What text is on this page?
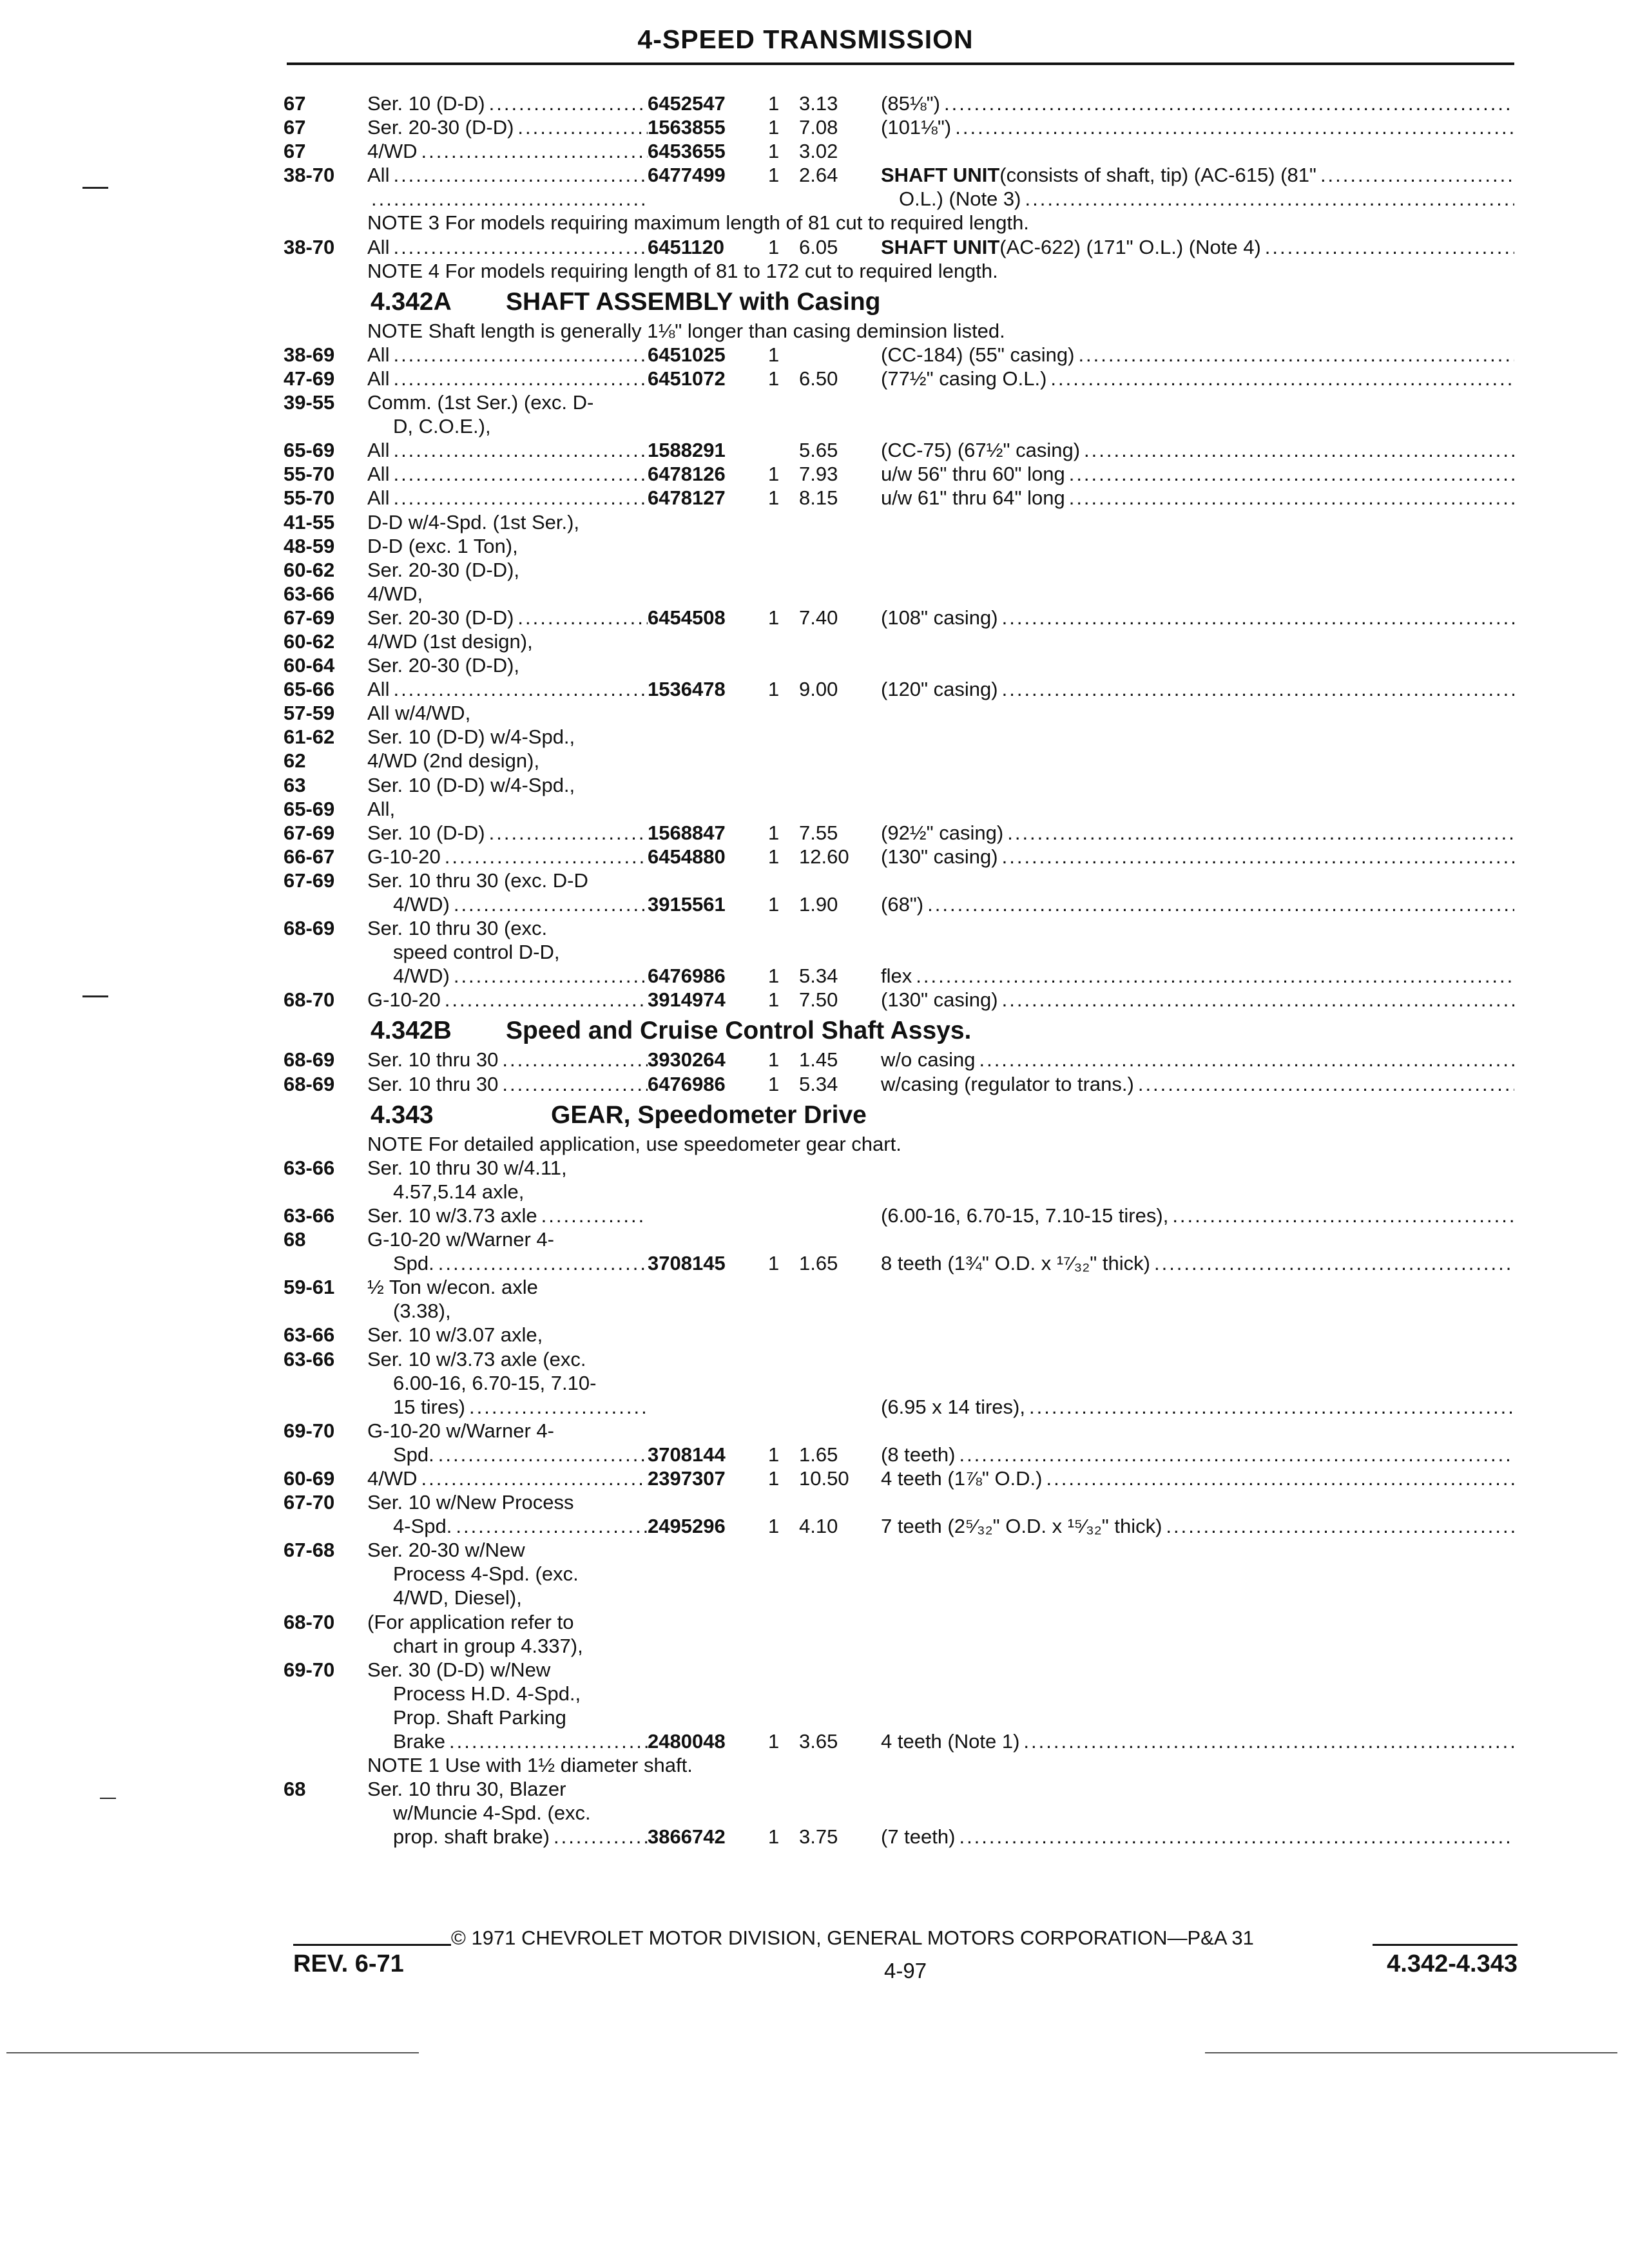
4-SPEED TRANSMISSION
67	Ser. 10 (D-D) .....	6452547	1 3.13	(85⅛")
.....
67	Ser. 20-30 (D-D) .....	1563855	1 7.08	(101⅛")
.....
67	4/WD .....	6453655	1 3.02
38-70	All .....	6477499	1 2.64	SHAFT UNIT (consists of shaft, tip) (AC-615) (81"
.....
.....
O.L.) (Note 3)
.....
NOTE 3 For models requiring maximum length of 81 cut to required length.
38-70	All .....	6451120	1 6.05	SHAFT UNIT (AC-622) (171" O.L.) (Note 4)
.....
NOTE 4 For models requiring length of 81 to 172 cut to required length.
4.342A SHAFT ASSEMBLY with Casing
NOTE Shaft length is generally 1⅛" longer than casing deminsion listed.
38-69	All .....	6451025	1	(CC-184) (55" casing)
.....
47-69	All .....	6451072	1 6.50	(77½" casing O.L.)
.....
39-55	Comm. (1st Ser.) (exc. D-
D, C.O.E.),
65-69	All .....	1588291	5.65	(CC-75) (67½" casing)
.....
55-70	All .....	6478126	1 7.93	u/w 56" thru 60" long
.....
55-70	All .....	6478127	1 8.15	u/w 61" thru 64" long
.....
41-55	D-D w/4-Spd. (1st Ser.),
48-59	D-D (exc. 1 Ton),
60-62	Ser. 20-30 (D-D),
63-66	4/WD,
67-69	Ser. 20-30 (D-D) .....	6454508	1 7.40	(108" casing)
.....
60-62	4/WD (1st design),
60-64	Ser. 20-30 (D-D),
65-66	All .....	1536478	1 9.00	(120" casing)
.....
57-59	All w/4/WD,
61-62	Ser. 10 (D-D) w/4-Spd.,
62	4/WD (2nd design),
63	Ser. 10 (D-D) w/4-Spd.,
65-69	All,
67-69	Ser. 10 (D-D) .....	1568847	1 7.55	(92½" casing)
.....
66-67	G-10-20 .....	6454880	1 12.60	(130" casing)
.....
67-69	Ser. 10 thru 30 (exc. D-D
4/WD) .....	3915561	1 1.90	(68")
.....
68-69	Ser. 10 thru 30 (exc.
speed control D-D,
4/WD) .....	6476986	1 5.34	flex
.....
68-70	G-10-20 .....	3914974	1 7.50	(130" casing)
.....
4.342B Speed and Cruise Control Shaft Assys.
68-69	Ser. 10 thru 30 .....	3930264	1 1.45	w/o casing
.....
68-69	Ser. 10 thru 30 .....	6476986	1 5.34	w/casing (regulator to trans.)
.....
4.343	GEAR, Speedometer Drive
NOTE For detailed application, use speedometer gear chart.
63-66	Ser. 10 thru 30 w/4.11,
4.57,5.14 axle,
63-66	Ser. 10 w/3.73 axle .....	(6.00-16, 6.70-15, 7.10-15 tires),
.....
68	G-10-20 w/Warner 4-
Spd. .....	3708145	1 1.65	8 teeth (1¾" O.D. x ¹⁷⁄₃₂" thick)
.....
59-61	½ Ton w/econ. axle
(3.38),
63-66	Ser. 10 w/3.07 axle,
63-66	Ser. 10 w/3.73 axle (exc.
6.00-16, 6.70-15, 7.10-
15 tires) .....	(6.95 x 14 tires),
.....
69-70	G-10-20 w/Warner 4-
Spd. .....	3708144	1 1.65	(8 teeth)
.....
60-69	4/WD .....	2397307	1 10.50	4 teeth (1⅞" O.D.)
.....
67-70	Ser. 10 w/New Process
4-Spd. .....	2495296	1 4.10	7 teeth (2⁵⁄₃₂" O.D. x ¹⁵⁄₃₂" thick)
.....
67-68	Ser. 20-30 w/New
Process 4-Spd. (exc.
4/WD, Diesel),
68-70	(For application refer to
chart in group 4.337),
69-70	Ser. 30 (D-D) w/New
Process H.D. 4-Spd.,
Prop. Shaft Parking
Brake .....	2480048	1 3.65	4 teeth (Note 1)
.....
NOTE 1 Use with 1½ diameter shaft.
68	Ser. 10 thru 30, Blazer
w/Muncie 4-Spd. (exc.
prop. shaft brake) .....	3866742	1 3.75	(7 teeth)
.....
© 1971 CHEVROLET MOTOR DIVISION, GENERAL MOTORS CORPORATION—P&A 31
REV. 6-71	4-97	4.342-4.343
